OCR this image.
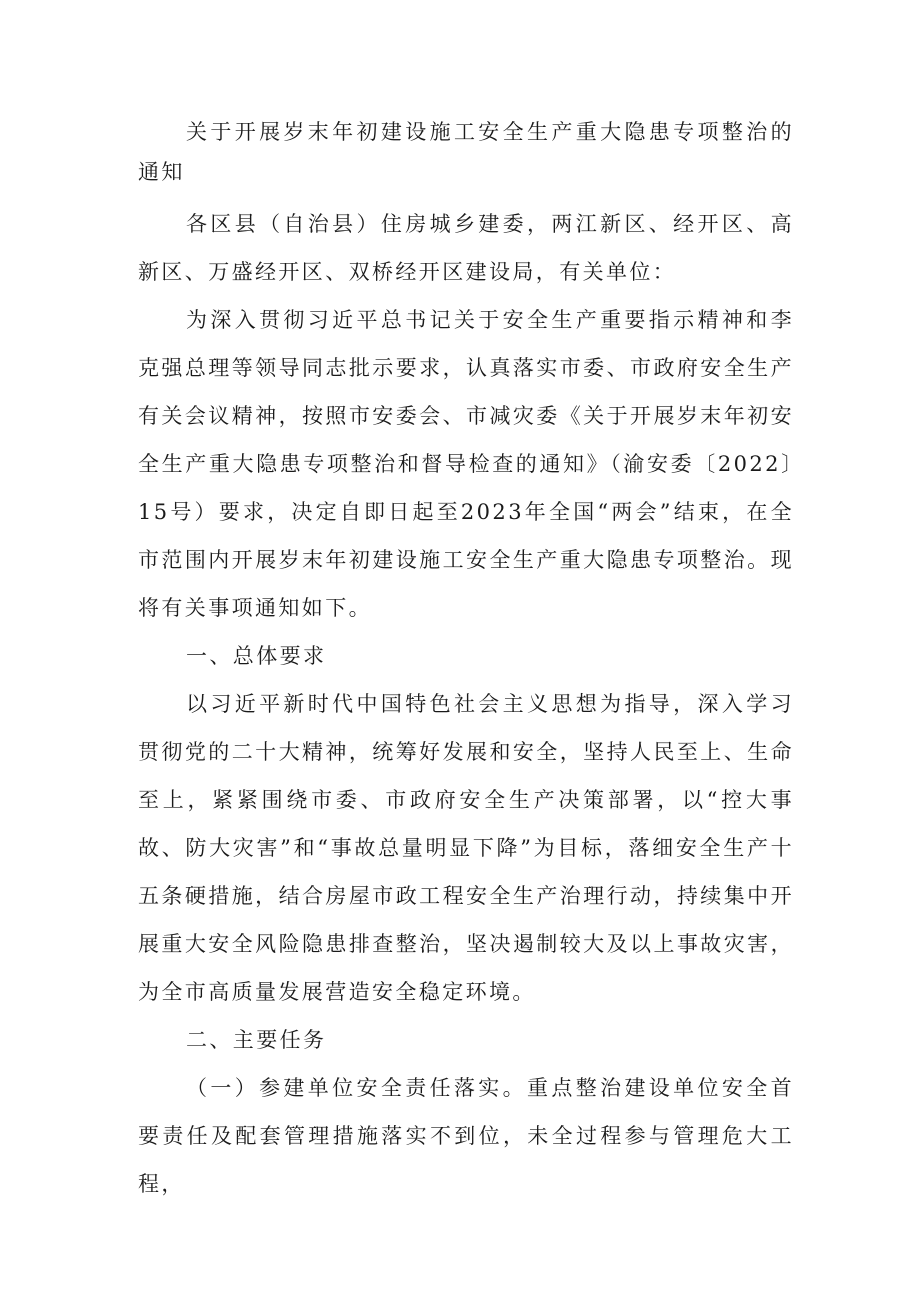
关于开展岁末年初建设施工安全生产重大隐患专项整治的通知

各区县（自治县）住房城乡建委，两江新区、经开区、高新区、万盛经开区、双桥经开区建设局，有关单位：

为深入贯彻习近平总书记关于安全生产重要指示精神和李克强总理等领导同志批示要求，认真落实市委、市政府安全生产有关会议精神，按照市安委会、市减灾委《关于开展岁末年初安全生产重大隐患专项整治和督导检查的通知》（渝安委〔2022〕15号）要求，决定自即日起至2023年全国“两会”结束，在全市范围内开展岁末年初建设施工安全生产重大隐患专项整治。现将有关事项通知如下。

一、总体要求

以习近平新时代中国特色社会主义思想为指导，深入学习贯彻党的二十大精神，统筹好发展和安全，坚持人民至上、生命至上，紧紧围绕市委、市政府安全生产决策部署，以“控大事故、防大灾害”和“事故总量明显下降”为目标，落细安全生产十五条硬措施，结合房屋市政工程安全生产治理行动，持续集中开展重大安全风险隐患排查整治，坚决遏制较大及以上事故灾害，为全市高质量发展营造安全稳定环境。

二、主要任务

（一）参建单位安全责任落实。重点整治建设单位安全首要责任及配套管理措施落实不到位，未全过程参与管理危大工程，
